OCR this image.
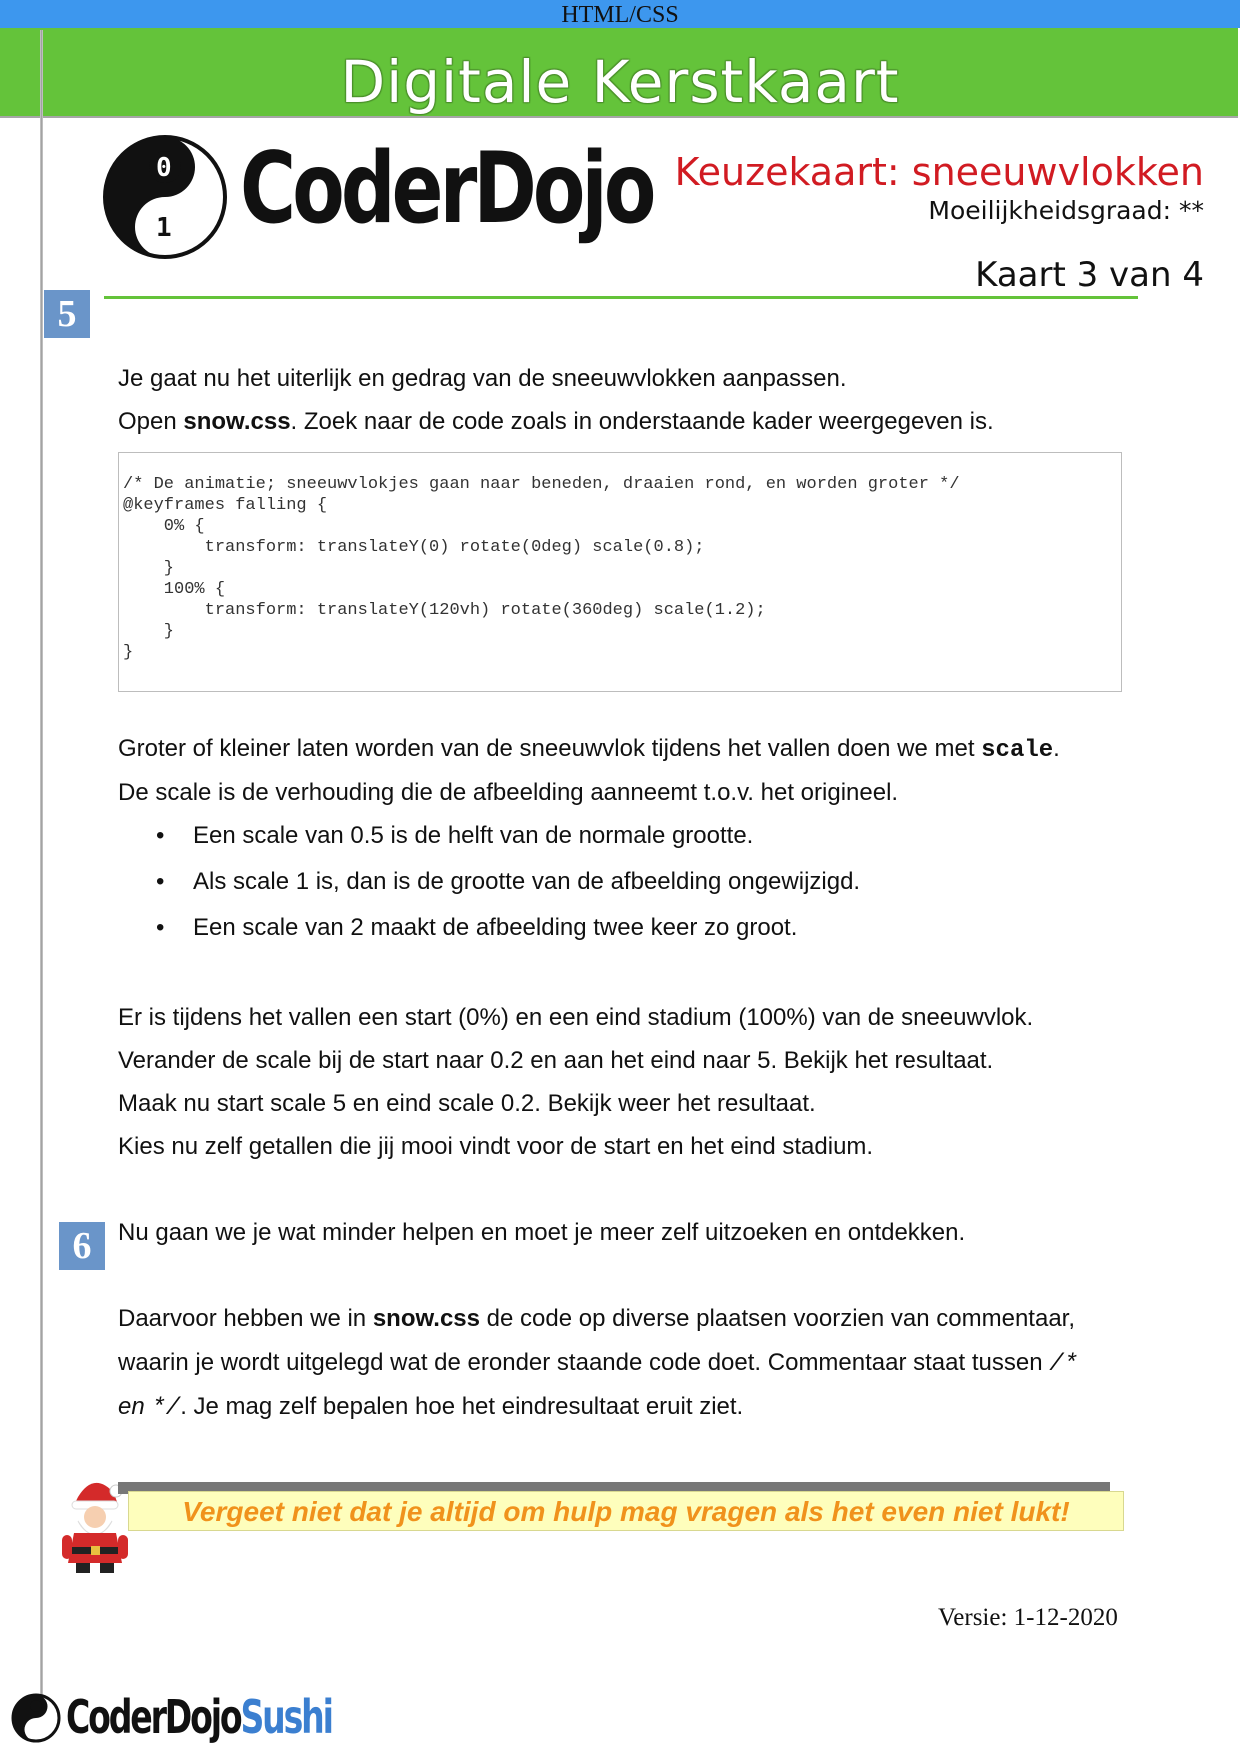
HTML/CSS
Digitale Kerstkaart
0
1 CoderDojo Keuzekaart: sneeuwvlokken
Moeilijkheidsgraad: **
Kaart 3 van 4
5
Je gaat nu het uiterlijk en gedrag van de sneeuwvlokken aanpassen.
Open snow.css. Zoek naar de code zoals in onderstaande kader weergegeven is.
/* De animatie; sneeuwvlokjes gaan naar beneden, draaien rond, en worden groter */
@keyframes falling {
0% {
transform: translateY(0) rotate(0deg) scale(0.8);
}
100% {
transform: translateY(120vh) rotate(360deg) scale(1.2);
}
}
Groter of kleiner laten worden van de sneeuwvlok tijdens het vallen doen we met scale.
De scale is de verhouding die de afbeelding aanneemt t.o.v. het origineel.
• Een scale van 0.5 is de helft van de normale grootte.
• Als scale 1 is, dan is de grootte van de afbeelding ongewijzigd.
• Een scale van 2 maakt de afbeelding twee keer zo groot.
Er is tijdens het vallen een start (0%) en een eind stadium (100%) van de sneeuwvlok.
Verander de scale bij de start naar 0.2 en aan het eind naar 5. Bekijk het resultaat.
Maak nu start scale 5 en eind scale 0.2. Bekijk weer het resultaat.
Kies nu zelf getallen die jij mooi vindt voor de start en het eind stadium.
6	Nu gaan we je wat minder helpen en moet je meer zelf uitzoeken en ontdekken.
Daarvoor hebben we in snow.css de code op diverse plaatsen voorzien van commentaar,
waarin je wordt uitgelegd wat de eronder staande code doet. Commentaar staat tussen /*
en */. Je mag zelf bepalen hoe het eindresultaat eruit ziet.
Vergeet niet dat je altijd om hulp mag vragen als het even niet lukt!
Versie: 1-12-2020
CoderDojoSushi
